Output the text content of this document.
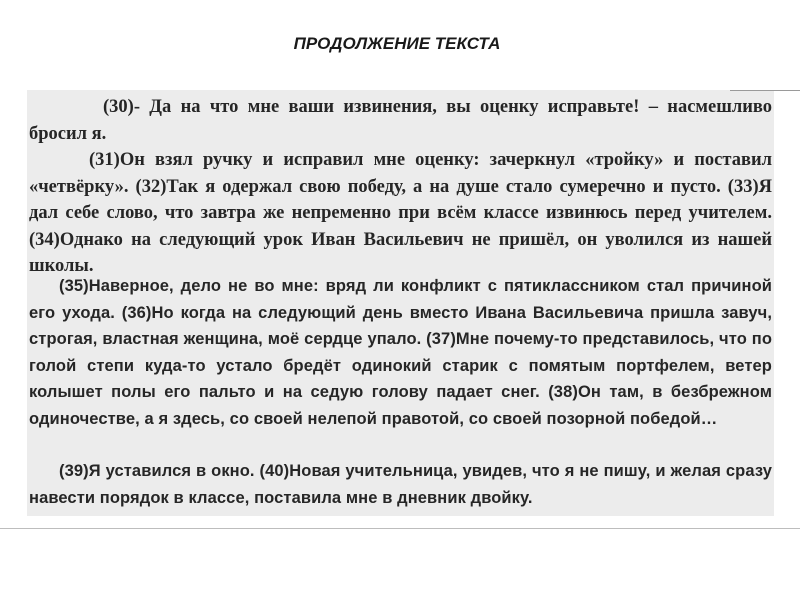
ПРОДОЛЖЕНИЕ ТЕКСТА

(30)- Да на что мне ваши извинения, вы оценку исправьте! – насмешливо бросил я.

(31)Он взял ручку и исправил мне оценку: зачеркнул «тройку» и поставил «четвёрку». (32)Так я одержал свою победу, а на душе стало сумеречно и пусто. (33)Я дал себе слово, что завтра же непременно при всём классе извинюсь перед учителем. (34)Однако на следующий урок Иван Васильевич не пришёл, он уволился из нашей школы.

(35)Наверное, дело не во мне: вряд ли конфликт с пятиклассником стал причиной его ухода. (36)Но когда на следующий день вместо Ивана Васильевича пришла завуч, строгая, властная женщина, моё сердце упало. (37)Мне почему-то представилось, что по голой степи куда-то устало бредёт одинокий старик с помятым портфелем, ветер колышет полы его пальто и на седую голову падает снег. (38)Он там, в безбрежном одиночестве, а я здесь, со своей нелепой правотой, со своей позорной победой…

(39)Я уставился в окно. (40)Новая учительница, увидев, что я не пишу, и желая сразу навести порядок в классе, поставила мне в дневник двойку.
